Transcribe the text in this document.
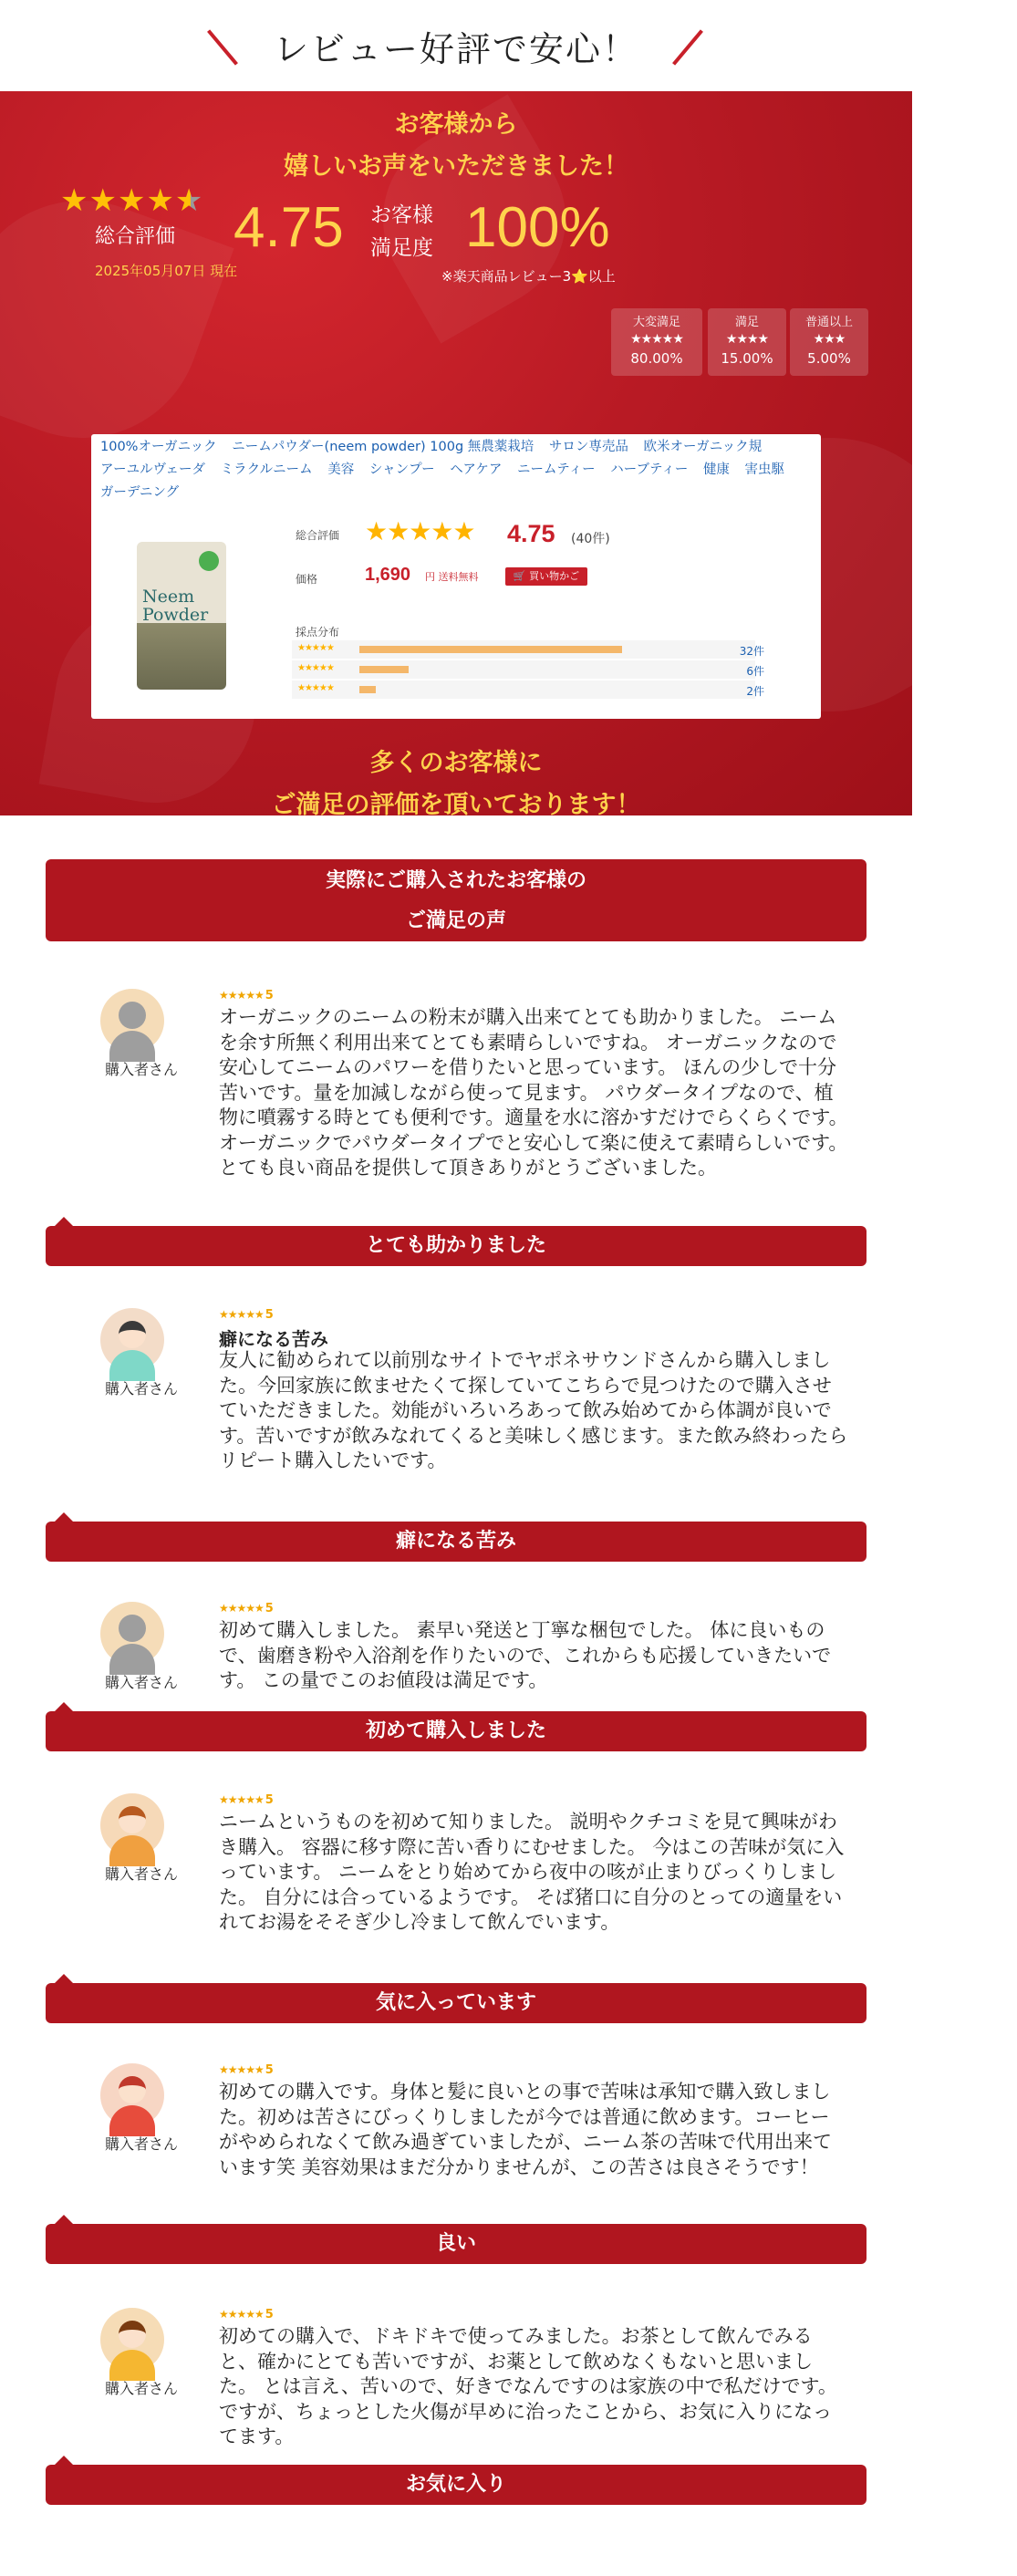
レビュー好評で安心！
お客様から
嬉しいお声をいただきました！
★★★★★
総合評価 4.75
2025年05月07日 現在
お客様
満足度 100%
※楽天商品レビュー3⭐以上
大変満足
★★★★★
80.00%
満足
★★★★
15.00%
普通以上
★★★
5.00%
100%オーガニック ニームパウダー(neem powder) 100g 無農薬栽培 サロン専売品 欧米オーガニック規
アーユルヴェーダ ミラクルニーム 美容 シャンプー ヘアケア ニームティー ハーブティー 健康 害虫駆
ガーデニング
Neem
Powder
総合評価 ★★★★★ 4.75 (40件)
価格	1,690 円 送料無料	🛒 買い物かご
採点分布
★★★★★	32件
★★★★★	6件
★★★★★	2件
多くのお客様に
ご満足の評価を頂いております！
実際にご購入されたお客様の
ご満足の声
購入者さん
★★★★★ 5
オーガニックのニームの粉末が購入出来てとても助かりました。 ニームを余す所無く利用出来てとても素晴らしいですね。 オーガニックなので安心してニームのパワーを借りたいと思っています。 ほんの少しで十分苦いです。量を加減しながら使って見ます。 パウダータイプなので、植物に噴霧する時とても便利です。適量を水に溶かすだけでらくらくです。 オーガニックでパウダータイプでと安心して楽に使えて素晴らしいです。 とても良い商品を提供して頂きありがとうございました。
とても助かりました
購入者さん
★★★★★ 5
癖になる苦み
友人に勧められて以前別なサイトでヤポネサウンドさんから購入しました。今回家族に飲ませたくて探していてこちらで見つけたので購入させていただきました。効能がいろいろあって飲み始めてから体調が良いです。苦いですが飲みなれてくると美味しく感じます。また飲み終わったらリピート購入したいです。
癖になる苦み
購入者さん
★★★★★ 5
初めて購入しました。 素早い発送と丁寧な梱包でした。 体に良いもので、歯磨き粉や入浴剤を作りたいので、これからも応援していきたいです。 この量でこのお値段は満足です。
初めて購入しました
購入者さん
★★★★★ 5
ニームというものを初めて知りました。 説明やクチコミを見て興味がわき購入。 容器に移す際に苦い香りにむせました。 今はこの苦味が気に入っています。 ニームをとり始めてから夜中の咳が止まりびっくりしました。 自分には合っているようです。 そば猪口に自分のとっての適量をいれてお湯をそそぎ少し冷まして飲んでいます。
気に入っています
購入者さん
★★★★★ 5
初めての購入です。身体と髪に良いとの事で苦味は承知で購入致しました。初めは苦さにびっくりしましたが今では普通に飲めます。コーヒーがやめられなくて飲み過ぎていましたが、ニーム茶の苦味で代用出来ています笑 美容効果はまだ分かりませんが、この苦さは良さそうです！
良い
購入者さん
★★★★★ 5
初めての購入で、ドキドキで使ってみました。お茶として飲んでみると、確かにとても苦いですが、お薬として飲めなくもないと思いました。 とは言え、苦いので、好きでなんですのは家族の中で私だけです。 ですが、ちょっとした火傷が早めに治ったことから、お気に入りになってます。
お気に入り
